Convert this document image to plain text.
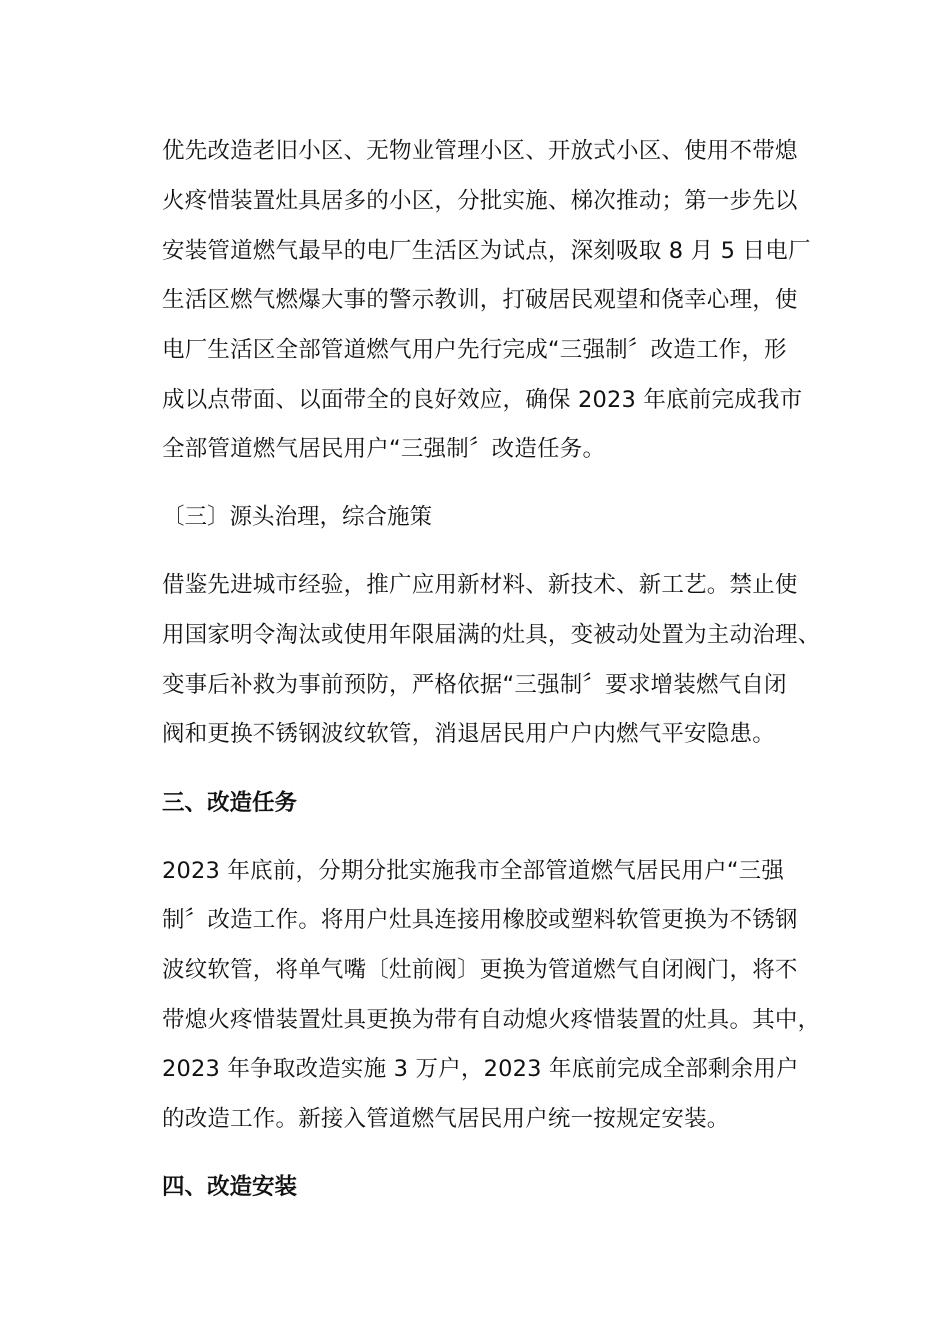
优先改造老旧小区、无物业管理小区、开放式小区、使用不带熄
火疼惜装置灶具居多的小区，分批实施、梯次推动；第一步先以
安装管道燃气最早的电厂生活区为试点，深刻吸取 8 月 5 日电厂
生活区燃气燃爆大事的警示教训，打破居民观望和侥幸心理，使
电厂生活区全部管道燃气用户先行完成“三强制〞改造工作，形
成以点带面、以面带全的良好效应，确保 2023 年底前完成我市
全部管道燃气居民用户“三强制〞改造任务。
〔三〕源头治理，综合施策
借鉴先进城市经验，推广应用新材料、新技术、新工艺。禁止使
用国家明令淘汰或使用年限届满的灶具，变被动处置为主动治理、
变事后补救为事前预防，严格依据“三强制〞要求增装燃气自闭
阀和更换不锈钢波纹软管，消退居民用户户内燃气平安隐患。
三、改造任务
2023 年底前，分期分批实施我市全部管道燃气居民用户“三强
制〞改造工作。将用户灶具连接用橡胶或塑料软管更换为不锈钢
波纹软管，将单气嘴〔灶前阀〕更换为管道燃气自闭阀门，将不
带熄火疼惜装置灶具更换为带有自动熄火疼惜装置的灶具。其中，
2023 年争取改造实施 3 万户，2023 年底前完成全部剩余用户
的改造工作。新接入管道燃气居民用户统一按规定安装。
四、改造安装
